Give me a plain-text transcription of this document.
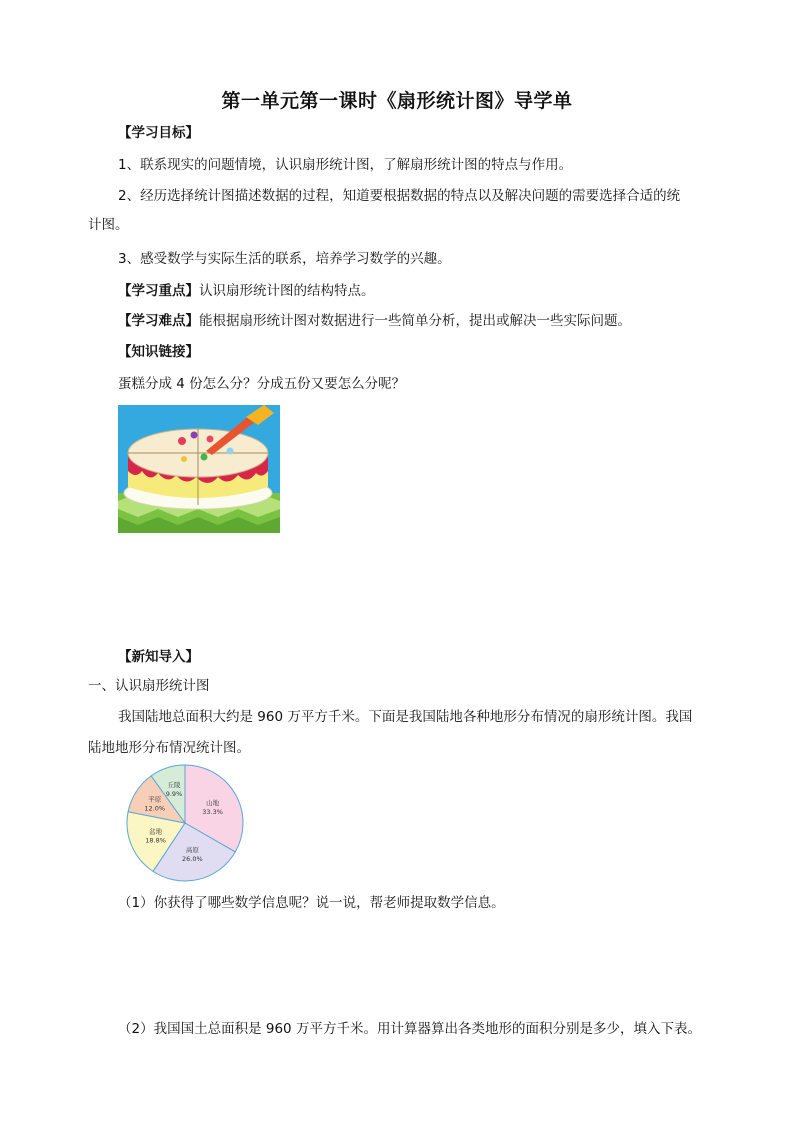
第一单元第一课时《扇形统计图》导学单
【学习目标】
1、联系现实的问题情境，认识扇形统计图，了解扇形统计图的特点与作用。
2、经历选择统计图描述数据的过程，知道要根据数据的特点以及解决问题的需要选择合适的统
计图。
3、感受数学与实际生活的联系，培养学习数学的兴趣。
【学习重点】认识扇形统计图的结构特点。
【学习难点】能根据扇形统计图对数据进行一些简单分析，提出或解决一些实际问题。
【知识链接】
蛋糕分成 4 份怎么分？分成五份又要怎么分呢？
【新知导入】
一、认识扇形统计图
我国陆地总面积大约是 960 万平方千米。下面是我国陆地各种地形分布情况的扇形统计图。我国
陆地地形分布情况统计图。
山地
33.3%
高原
26.0%
盆地
18.8%
平原
12.0%
丘陵
9.9%
（1）你获得了哪些数学信息呢？说一说，帮老师提取数学信息。
（2）我国国土总面积是 960 万平方千米。用计算器算出各类地形的面积分别是多少，填入下表。
